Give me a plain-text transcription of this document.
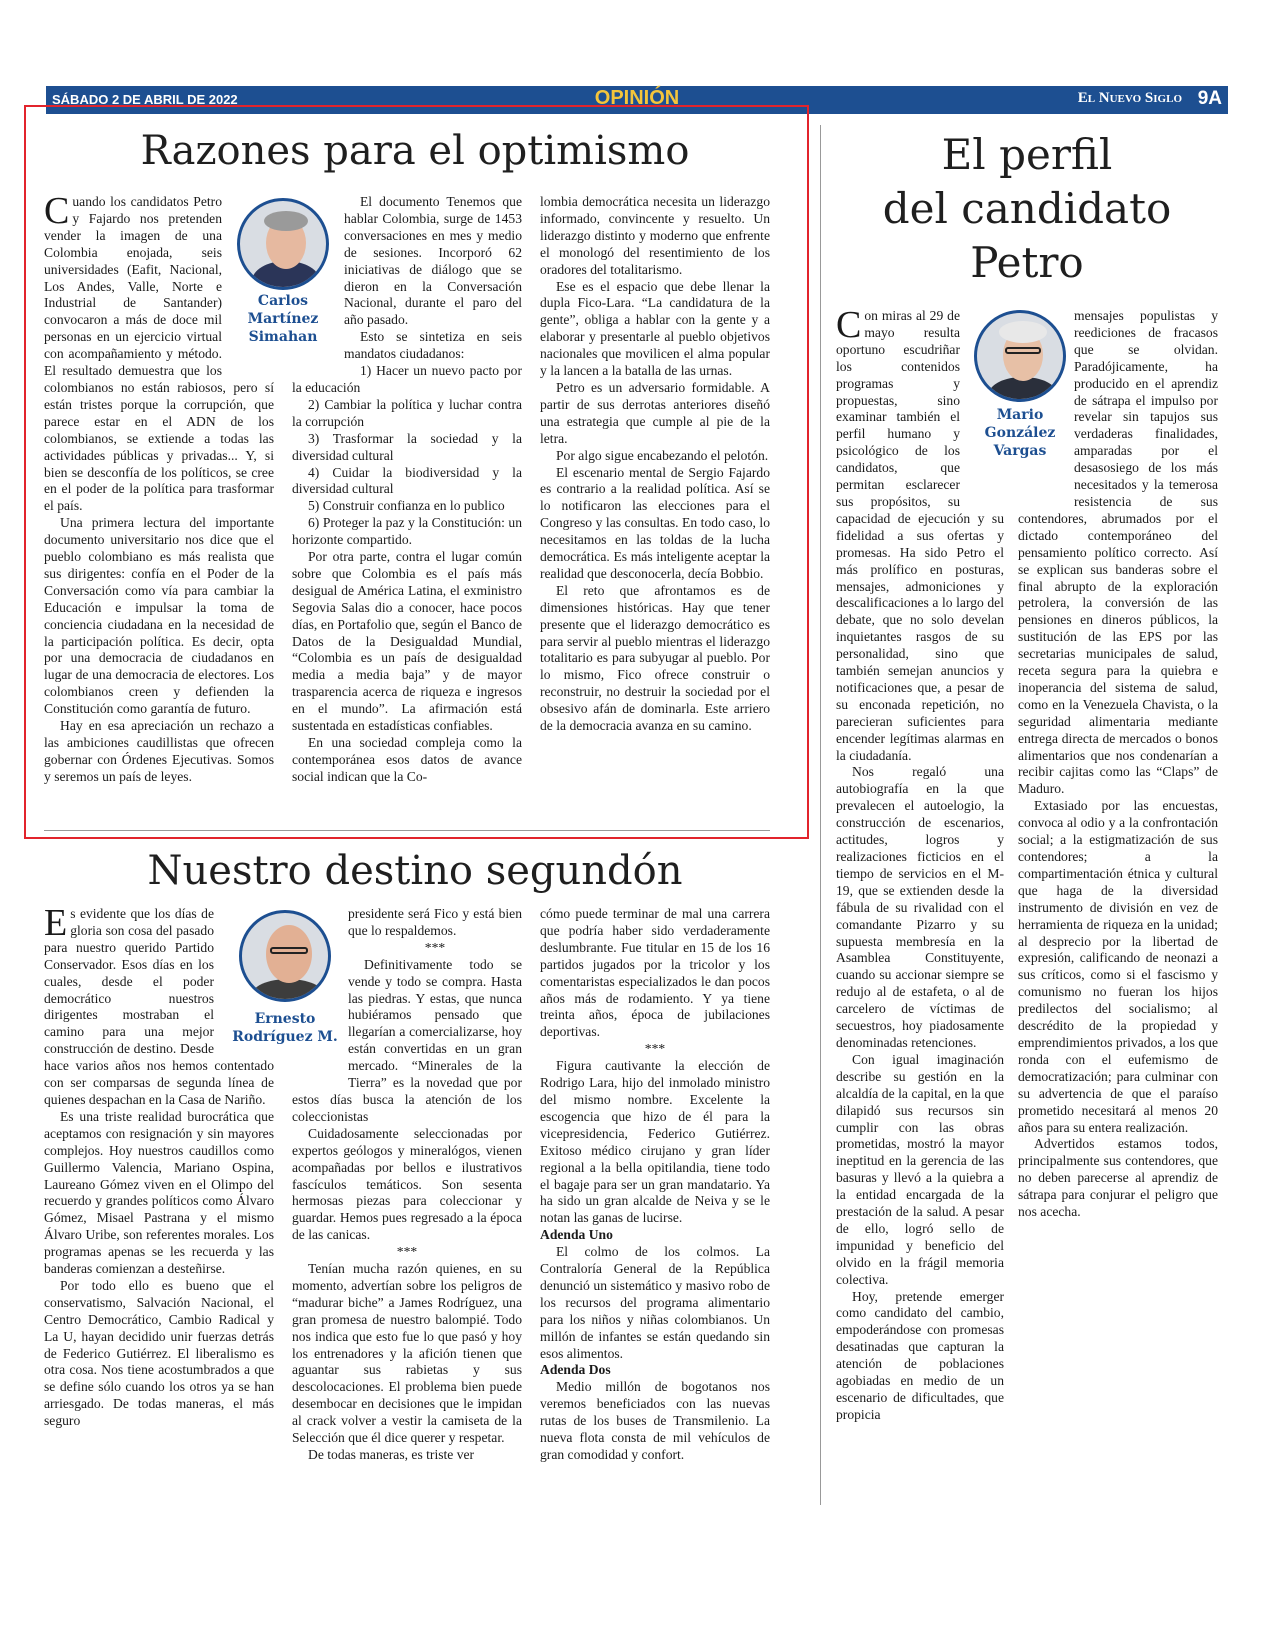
SÁBADO 2 DE ABRIL DE 2022	OPINIÓN	El Nuevo Siglo 9A
Razones para el optimismo
Carlos
Martínez
Simahan

Cuando los candidatos Petro y Fajardo nos pretenden vender la imagen de una Colombia enojada, seis universidades (Eafit, Nacional, Los Andes, Valle, Norte e Industrial de Santander) convocaron a más de doce mil personas en un ejercicio virtual con acompañamiento y método. El resultado demuestra que los colombianos no están rabiosos, pero sí están tristes porque la corrupción, que parece estar en el ADN de los colombianos, se extiende a todas las actividades públicas y privadas... Y, si bien se desconfía de los políticos, se cree en el poder de la política para trasformar el país.

Una primera lectura del importante documento universitario nos dice que el pueblo colombiano es más realista que sus dirigentes: confía en el Poder de la Conversación como vía para cambiar la Educación e impulsar la toma de conciencia ciudadana en la necesidad de la participación política. Es decir, opta por una democracia de ciudadanos en lugar de una democracia de electores. Los colombianos creen y defienden la Constitución como garantía de futuro.

Hay en esa apreciación un rechazo a las ambiciones caudillistas que ofrecen gobernar con Órdenes Ejecutivas. Somos y seremos un país de leyes.

El documento Tenemos que hablar Colombia, surge de 1453 conversaciones en mes y medio de sesiones. Incorporó 62 iniciativas de diálogo que se dieron en la Conversación Nacional, durante el paro del año pasado.

Esto se sintetiza en seis mandatos ciudadanos:

1) Hacer un nuevo pacto por la educación

2) Cambiar la política y luchar contra la corrupción

3) Trasformar la sociedad y la diversidad cultural

4) Cuidar la biodiversidad y la diversidad cultural

5) Construir confianza en lo publico

6) Proteger la paz y la Constitución: un horizonte compartido.

Por otra parte, contra el lugar común sobre que Colombia es el país más desigual de América Latina, el exministro Segovia Salas dio a conocer, hace pocos días, en Portafolio que, según el Banco de Datos de la Desigualdad Mundial, “Colombia es un país de desigualdad media a media baja” y de mayor trasparencia acerca de riqueza e ingresos en el mundo”. La afirmación está sustentada en estadísticas confiables.

En una sociedad compleja como la contemporánea esos datos de avance social indican que la Co-

lombia democrática necesita un liderazgo informado, convincente y resuelto. Un liderazgo distinto y moderno que enfrente el monologó del resentimiento de los oradores del totalitarismo.

Ese es el espacio que debe llenar la dupla Fico-Lara. “La candidatura de la gente”, obliga a hablar con la gente y a elaborar y presentarle al pueblo objetivos nacionales que movilicen el alma popular y la lancen a la batalla de las urnas.

Petro es un adversario formidable. A partir de sus derrotas anteriores diseñó una estrategia que cumple al pie de la letra.

Por algo sigue encabezando el pelotón.

El escenario mental de Sergio Fajardo es contrario a la realidad política. Así se lo notificaron las elecciones para el Congreso y las consultas. En todo caso, lo necesitamos en las toldas de la lucha democrática. Es más inteligente aceptar la realidad que desconocerla, decía Bobbio.

El reto que afrontamos es de dimensiones históricas. Hay que tener presente que el liderazgo democrático es para servir al pueblo mientras el liderazgo totalitario es para subyugar al pueblo. Por lo mismo, Fico ofrece construir o reconstruir, no destruir la sociedad por el obsesivo afán de dominarla. Este arriero de la democracia avanza en su camino.

Nuestro destino segundón
Ernesto
Rodríguez M.

Es evidente que los días de gloria son cosa del pasado para nuestro querido Partido Conservador. Esos días en los cuales, desde el poder democrático nuestros dirigentes mostraban el camino para una mejor construcción de destino. Desde hace varios años nos hemos contentado con ser comparsas de segunda línea de quienes despachan en la Casa de Nariño.

Es una triste realidad burocrática que aceptamos con resignación y sin mayores complejos. Hoy nuestros caudillos como Guillermo Valencia, Mariano Ospina, Laureano Gómez viven en el Olimpo del recuerdo y grandes políticos como Álvaro Gómez, Misael Pastrana y el mismo Álvaro Uribe, son referentes morales. Los programas apenas se les recuerda y las banderas comienzan a desteñirse.

Por todo ello es bueno que el conservatismo, Salvación Nacional, el Centro Democrático, Cambio Radical y La U, hayan decidido unir fuerzas detrás de Federico Gutiérrez. El liberalismo es otra cosa. Nos tiene acostumbrados a que se define sólo cuando los otros ya se han arriesgado. De todas maneras, el más seguro

presidente será Fico y está bien que lo respaldemos.

***

Definitivamente todo se vende y todo se compra. Hasta las piedras. Y estas, que nunca hubiéramos pensado que llegarían a comercializarse, hoy están convertidas en un gran mercado. “Minerales de la Tierra” es la novedad que por estos días busca la atención de los coleccionistas

Cuidadosamente seleccionadas por expertos geólogos y mineralógos, vienen acompañadas por bellos e ilustrativos fascículos temáticos. Son sesenta hermosas piezas para coleccionar y guardar. Hemos pues regresado a la época de las canicas.

***

Tenían mucha razón quienes, en su momento, advertían sobre los peligros de “madurar biche” a James Rodríguez, una gran promesa de nuestro balompié. Todo nos indica que esto fue lo que pasó y hoy los entrenadores y la afición tienen que aguantar sus rabietas y sus descolocaciones. El problema bien puede desembocar en decisiones que le impidan al crack volver a vestir la camiseta de la Selección que él dice querer y respetar.

De todas maneras, es triste ver

cómo puede terminar de mal una carrera que podría haber sido verdaderamente deslumbrante. Fue titular en 15 de los 16 partidos jugados por la tricolor y los comentaristas especializados le dan pocos años más de rodamiento. Y ya tiene treinta años, época de jubilaciones deportivas.

***

Figura cautivante la elección de Rodrigo Lara, hijo del inmolado ministro del mismo nombre. Excelente la escogencia que hizo de él para la vicepresidencia, Federico Gutiérrez. Exitoso médico cirujano y gran líder regional a la bella opitilandia, tiene todo el bagaje para ser un gran mandatario. Ya ha sido un gran alcalde de Neiva y se le notan las ganas de lucirse.

Adenda Uno

El colmo de los colmos. La Contraloría General de la República denunció un sistemático y masivo robo de los recursos del programa alimentario para los niños y niñas colombianos. Un millón de infantes se están quedando sin esos alimentos.

Adenda Dos

Medio millón de bogotanos nos veremos beneficiados con las nuevas rutas de los buses de Transmilenio. La nueva flota consta de mil vehículos de gran comodidad y confort.

El perfil
del candidato
Petro
Mario
González
Vargas

Con miras al 29 de mayo resulta oportuno escudriñar los contenidos programas y propuestas, sino examinar también el perfil humano y psicológico de los candidatos, que permitan esclarecer sus propósitos, su capacidad de ejecución y su fidelidad a sus ofertas y promesas. Ha sido Petro el más prolífico en posturas, mensajes, admoniciones y descalificaciones a lo largo del debate, que no solo develan inquietantes rasgos de su personalidad, sino que también semejan anuncios y notificaciones que, a pesar de su enconada repetición, no parecieran suficientes para encender legítimas alarmas en la ciudadanía.

Nos regaló una autobiografía en la que prevalecen el autoelogio, la construcción de escenarios, actitudes, logros y realizaciones ficticios en el tiempo de servicios en el M-19, que se extienden desde la fábula de su rivalidad con el comandante Pizarro y su supuesta membresía en la Asamblea Constituyente, cuando su accionar siempre se redujo al de estafeta, o al de carcelero de víctimas de secuestros, hoy piadosamente denominadas retenciones.

Con igual imaginación describe su gestión en la alcaldía de la capital, en la que dilapidó sus recursos sin cumplir con las obras prometidas, mostró la mayor ineptitud en la gerencia de las basuras y llevó a la quiebra a la entidad encargada de la prestación de la salud. A pesar de ello, logró sello de impunidad y beneficio del olvido en la frágil memoria colectiva.

Hoy, pretende emerger como candidato del cambio, empoderándose con promesas desatinadas que capturan la atención de poblaciones agobiadas en medio de un escenario de dificultades, que propicia

mensajes populistas y reediciones de fracasos que se olvidan. Paradójicamente, ha producido en el aprendiz de sátrapa el impulso por revelar sin tapujos sus verdaderas finalidades, amparadas por el desasosiego de los más necesitados y la temerosa resistencia de sus contendores, abrumados por el dictado contemporáneo del pensamiento político correcto. Así se explican sus banderas sobre el final abrupto de la exploración petrolera, la conversión de las pensiones en dineros públicos, la sustitución de las EPS por las secretarias municipales de salud, receta segura para la quiebra e inoperancia del sistema de salud, como en la Venezuela Chavista, o la seguridad alimentaria mediante entrega directa de mercados o bonos alimentarios que nos condenarían a recibir cajitas como las “Claps” de Maduro.

Extasiado por las encuestas, convoca al odio y a la confrontación social; a la estigmatización de sus contendores; a la compartimentación étnica y cultural que haga de la diversidad instrumento de división en vez de herramienta de riqueza en la unidad; al desprecio por la libertad de expresión, calificando de neonazi a sus críticos, como si el fascismo y comunismo no fueran los hijos predilectos del socialismo; al descrédito de la propiedad y emprendimientos privados, a los que ronda con el eufemismo de democratización; para culminar con su advertencia de que el paraíso prometido necesitará al menos 20 años para su entera realización.

Advertidos estamos todos, principalmente sus contendores, que no deben parecerse al aprendiz de sátrapa para conjurar el peligro que nos acecha.
